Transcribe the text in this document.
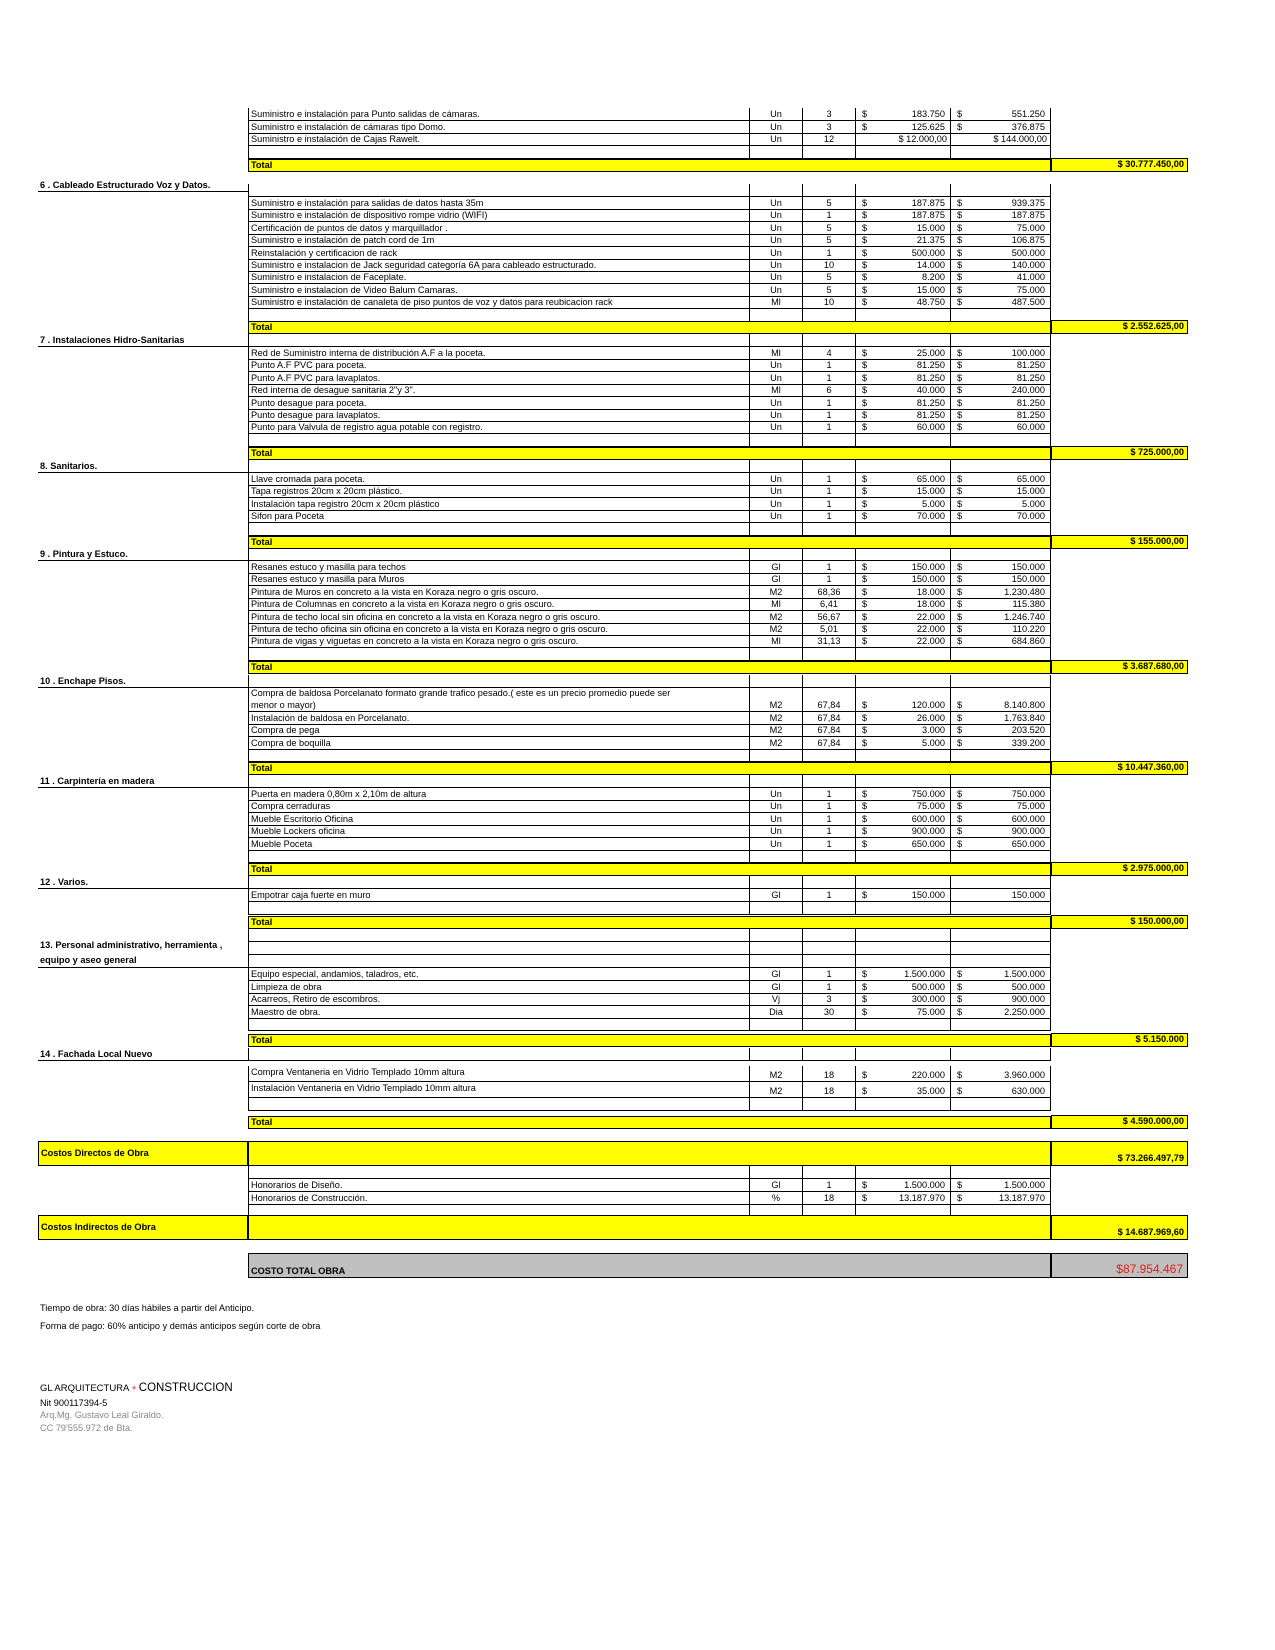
Suministro e instalación para Punto salidas de cámaras.	Un	3	$	183.750 $	551.250
Suministro e instalación de cámaras tipo Domo.	Un	3	$	125.625 $	376.875
Suministro e instalación de Cajas Rawelt.	Un	12	$ 12.000,00	$ 144.000,00
Total	$ 30.777.450,00
6 . Cableado Estructurado Voz y Datos.
Suministro e instalación para salidas de datos hasta 35m	Un	5	$	187.875 $	939.375
Suministro e instalación de dispositivo rompe vidrio (WIFI)	Un	1	$	187.875 $	187.875
Certificación de puntos de datos y marquillador .	Un	5	$	15.000 $	75.000
Suministro e instalación de patch cord de 1m	Un	5	$	21.375 $	106.875
Reinstalación y certificacion de rack	Un	1	$	500.000 $	500.000
Suministro e instalacion de Jack seguridad categoría 6A para cableado estructurado.	Un	10	$	14.000 $	140.000
Suministro e instalacion de Faceplate.	Un	5	$	8.200 $	41.000
Suministro e instalacion de Video Balum Camaras.	Un	5	$	15.000 $	75.000
Suministro e instalación de canaleta de piso puntos de voz y datos para reubicacion rack	Ml	10	$	48.750 $	487.500
Total	$ 2.552.625,00
7 . Instalaciones Hidro-Sanitarias
Red de Suministro interna de distribución A.F a la poceta.	Ml	4	$	25.000 $	100.000
Punto A.F PVC para poceta.	Un	1	$	81.250 $	81.250
Punto A.F PVC para lavaplatos.	Un	1	$	81.250 $	81.250
Red interna de desague sanitaria 2"y 3".	Ml	6	$	40.000 $	240.000
Punto desague para poceta.	Un	1	$	81.250 $	81.250
Punto desague para lavaplatos.	Un	1	$	81.250 $	81.250
Punto para Valvula de registro agua potable con registro.	Un	1	$	60.000 $	60.000
Total	$ 725.000,00
8. Sanitarios.
Llave cromada para poceta.	Un	1	$	65.000 $	65.000
Tapa registros 20cm x 20cm plástico.	Un	1	$	15.000 $	15.000
Instalación tapa registro 20cm x 20cm plástico	Un	1	$	5.000 $	5.000
Sifon para Poceta	Un	1	$	70.000 $	70.000
Total	$ 155.000,00
9 . Pintura y Estuco.
Resanes estuco y masilla para techos	Gl	1	$	150.000 $	150.000
Resanes estuco y masilla para Muros	Gl	1	$	150.000 $	150.000
Pintura de Muros en concreto a la vista en Koraza negro o gris oscuro.	M2	68,36	$	18.000 $	1.230.480
Pintura de Columnas en concreto a la vista en Koraza negro o gris oscuro.	Ml	6,41	$	18.000 $	115.380
Pintura de techo local sin oficina en concreto a la vista en Koraza negro o gris oscuro.	M2	56,67	$	22.000 $	1.246.740
Pintura de techo oficina sin oficina en concreto a la vista en Koraza negro o gris oscuro.	M2	5,01	$	22.000 $	110.220
Pintura de vigas y viguetas en concreto a la vista en Koraza negro o gris oscuro.	Ml	31,13	$	22.000 $	684.860
Total	$ 3.687.680,00
10 . Enchape Pisos.
Compra de baldosa Porcelanato formato grande trafico pesado.( este es un precio promedio puede ser
menor o mayor)	M2	67,84	$	120.000 $	8.140.800
Instalación de baldosa en Porcelanato.	M2	67,84	$	26.000 $	1.763.840
Compra de pega	M2	67,84	$	3.000 $	203.520
Compra de boquilla	M2	67,84	$	5.000 $	339.200
Total	$ 10.447.360,00
11 . Carpintería en madera
Puerta en madera 0,80m x 2,10m de altura	Un	1	$	750.000 $	750.000
Compra cerraduras	Un	1	$	75.000 $	75.000
Mueble Escritorio Oficina	Un	1	$	600.000 $	600.000
Mueble Lockers oficina	Un	1	$	900.000 $	900.000
Mueble Poceta	Un	1	$	650.000 $	650.000
Total	$ 2.975.000,00
12 . Varios.
Empotrar caja fuerte en muro	Gl	1	$	150.000	150.000
Total	$ 150.000,00
13. Personal administrativo, herramienta , equipo y aseo general
Equipo especial, andamios, taladros, etc.	Gl	1	$	1.500.000 $	1.500.000
Limpieza de obra	Gl	1	$	500.000 $	500.000
Acarreos, Retiro de escombros.	Vj	3	$	300.000 $	900.000
Maestro de obra.	Dia	30	$	75.000 $	2.250.000
Total	$ 5.150.000
14 . Fachada Local Nuevo
Compra Ventaneria en Vidrio Templado 10mm altura	M2	18	$	220.000 $	3.960.000
Instalación Ventaneria en Vidrio Templado 10mm altura	M2	18	$	35.000 $	630.000
Total	$ 4.590.000,00
Costos Directos de Obra	$ 73.266.497,79
Honorarios de Diseño.	Gl	1	$	1.500.000 $	1.500.000
Honorarios de Construcción.	%	18	$	13.187.970 $	13.187.970
Costos Indirectos de Obra	$ 14.687.969,60
COSTO TOTAL OBRA	$87.954.467
Tiempo de obra: 30 días hábiles a partir del Anticipo.
Forma de pago: 60% anticipo y demás anticipos según corte de obra
GL ARQUITECTURA + CONSTRUCCION
Nit 900117394-5
Arq.Mg. Gustavo Leal Giraldo.
CC 79'555.972 de Bta.
